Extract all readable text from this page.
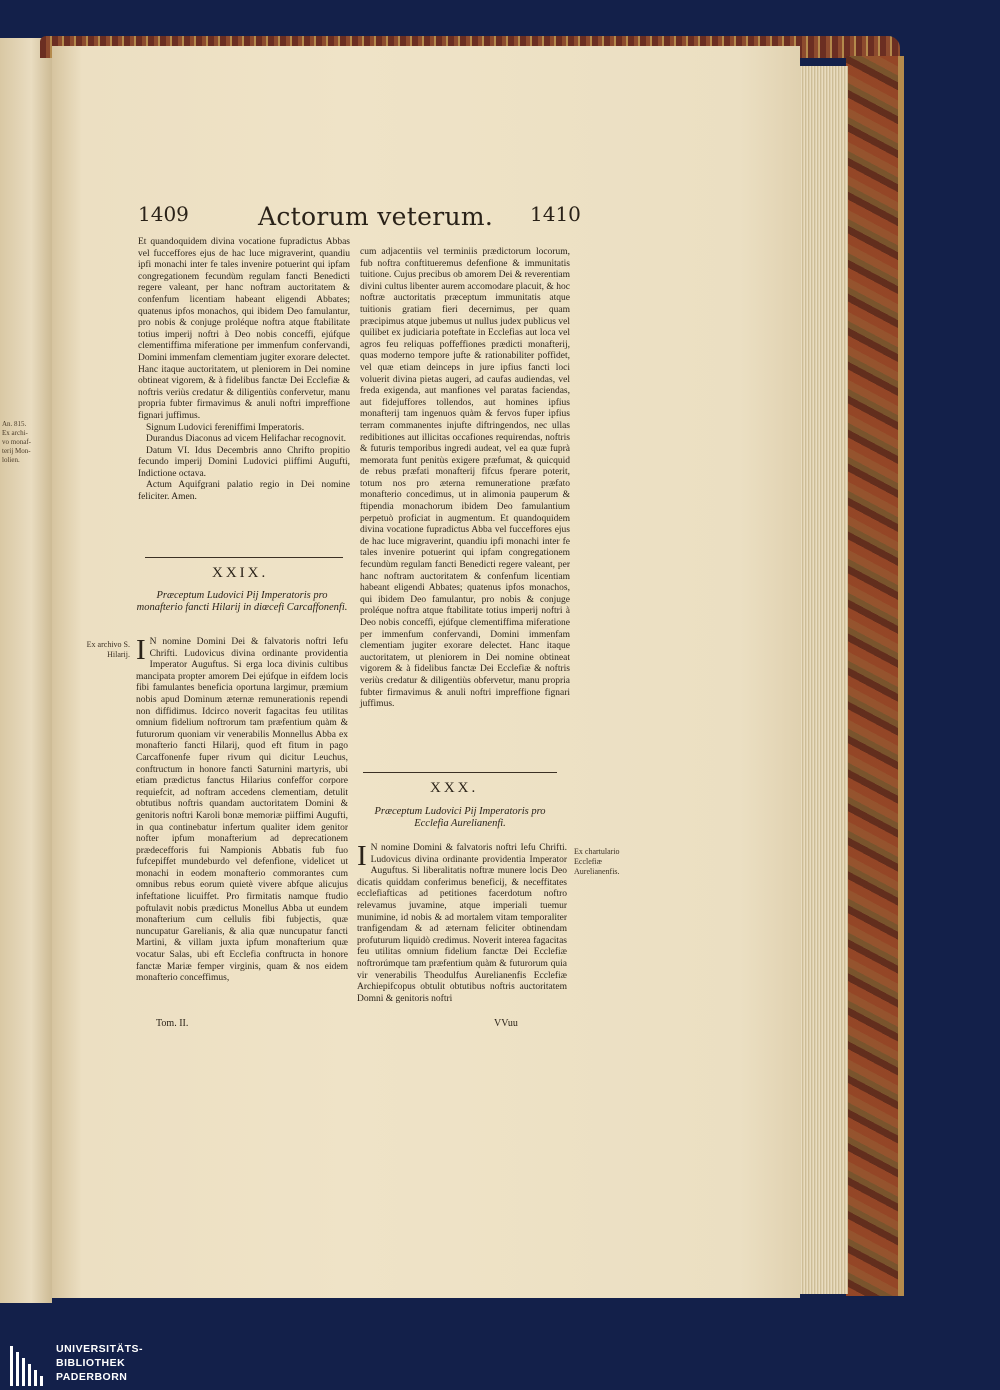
An. 815.
Ex archi-
vo monaf-
terij Mon-
lolien.
1409	Actorum veterum. 1410

Et quandoquidem divina vocatione fupradictus Abbas vel fucceffores ejus de hac luce migraverint, quandiu ipfi monachi inter fe tales invenire potuerint qui ipfam congregationem fecundùm regulam fancti Benedicti regere valeant, per hanc noftram auctoritatem & confenfum licentiam habeant eligendi Abbates; quatenus ipfos monachos, qui ibidem Deo famulantur, pro nobis & conjuge proléque noftra atque ftabilitate totius imperij noftri à Deo nobis conceffi, ejúfque clementiffima miferatione per immenfum confervandi, Domini immenfam clementiam jugiter exorare delectet. Hanc itaque auctoritatem, ut pleniorem in Dei nomine obtineat vigorem, & à fidelibus fanctæ Dei Ecclefiæ & noftris veriùs credatur & diligentiùs confervetur, manu propria fubter firmavimus & anuli noftri impreffione fignari juffimus.

Signum Ludovici fereniffimi Imperatoris.

Durandus Diaconus ad vicem Helifachar recognovit.

Datum VI. Idus Decembris anno Chrifto propitio fecundo imperij Domini Ludovici piiffimi Augufti, Indictione octava.

Actum Aquifgrani palatio regio in Dei nomine feliciter. Amen.

XXIX.
Præceptum Ludovici Pij Imperatoris pro monafterio fancti Hilarij in diœcefi Carcaffonenfi.
Ex archivo S. Hilarij. I N nomine Domini Dei & falvatoris noftri Iefu Chrifti. Ludovicus divina ordinante providentia Imperator Auguftus. Si erga loca divinis cultibus mancipata propter amorem Dei ejúfque in eifdem locis fibi famulantes beneficia oportuna largimur, præmium nobis apud Dominum æternæ remunerationis rependi non diffidimus. Idcirco noverit fagacitas feu utilitas omnium fidelium noftrorum tam præfentium quàm & futurorum quoniam vir venerabilis Monnellus Abba ex monafterio fancti Hilarij, quod eft fitum in pago Carcaffonenfe fuper rivum qui dicitur Leuchus, conftructum in honore fancti Saturnini martyris, ubi etiam prædictus fanctus Hilarius confeffor corpore requiefcit, ad noftram accedens clementiam, detulit obtutibus noftris quandam auctoritatem Domini & genitoris noftri Karoli bonæ memoriæ piiffimi Augufti, in qua continebatur infertum qualiter idem genitor nofter ipfum monafterium ad deprecationem prædecefforis fui Nampionis Abbatis fub fuo fufcepiffet mundeburdo vel defenfione, videlicet ut monachi in eodem monafterio commorantes cum omnibus rebus eorum quietè vivere abfque alicujus infeftatione licuiffet. Pro firmitatis namque ftudio poftulavit nobis prædictus Monellus Abba ut eundem monafterium cum cellulis fibi fubjectis, quæ nuncupatur Garelianis, & alia quæ nuncupatur fancti Martini, & villam juxta ipfum monafterium quæ vocatur Salas, ubi eft Ecclefia conftructa in honore fanctæ Mariæ femper virginis, quam & nos eidem monafterio conceffimus,

cum adjacentiis vel terminiis prædictorum locorum, fub noftra conftitueremus defenfione & immunitatis tuitione. Cujus precibus ob amorem Dei & reverentiam divini cultus libenter aurem accomodare placuit, & hoc noftræ auctoritatis præceptum immunitatis atque tuitionis gratiam fieri decernimus, per quam præcipimus atque jubemus ut nullus judex publicus vel quilibet ex judiciaria poteftate in Ecclefias aut loca vel agros feu reliquas poffeffiones prædicti monafterij, quas moderno tempore jufte & rationabiliter poffidet, vel quæ etiam deinceps in jure ipfius fancti loci voluerit divina pietas augeri, ad caufas audiendas, vel freda exigenda, aut manfiones vel paratas faciendas, aut fidejuffores tollendos, aut homines ipfius monafterij tam ingenuos quàm & fervos fuper ipfius terram commanentes injufte diftringendos, nec ullas redibitiones aut illicitas occafiones requirendas, noftris & futuris temporibus ingredi audeat, vel ea quæ fuprà memorata funt penitùs exigere præfumat, & quicquid de rebus præfati monafterij fifcus fperare poterit, totum nos pro æterna remuneratione præfato monafterio concedimus, ut in alimonia pauperum & ftipendia monachorum ibidem Deo famulantium perpetuò proficiat in augmentum. Et quandoquidem divina vocatione fupradictus Abba vel fucceffores ejus de hac luce migraverint, quandiu ipfi monachi inter fe tales invenire potuerint qui ipfam congregationem fecundùm regulam fancti Benedicti regere valeant, per hanc noftram auctoritatem & confenfum licentiam habeant eligendi Abbates; quatenus ipfos monachos, qui ibidem Deo famulantur, pro nobis & conjuge proléque noftra atque ftabilitate totius imperij noftri à Deo nobis conceffi, ejúfque clementiffima miferatione per immenfum confervandi, Domini immenfam clementiam jugiter exorare delectet. Hanc itaque auctoritatem, ut pleniorem in Dei nomine obtineat vigorem & à fidelibus fanctæ Dei Ecclefiæ & noftris veriùs credatur & diligentiùs obfervetur, manu propria fubter firmavimus & anuli noftri impreffione fignari juffimus.

XXX.
Præceptum Ludovici Pij Imperatoris pro Ecclefia Aurelianenfi.
Ex chartulario Ecclefiæ Aurelianenfis.
I N nomine Domini & falvatoris noftri Iefu Chrifti. Ludovicus divina ordinante providentia Imperator Auguftus. Si liberalitatis noftræ munere locis Deo dicatis quiddam conferimus beneficij, & neceffitates ecclefiafticas ad petitiones facerdotum noftro relevamus juvamine, atque imperiali tuemur munimine, id nobis & ad mortalem vitam temporaliter tranfigendam & ad æternam feliciter obtinendam profuturum liquidò credimus. Noverit interea fagacitas feu utilitas omnium fidelium fanctæ Dei Ecclefiæ noftrorúmque tam præfentium quàm & futurorum quia vir venerabilis Theodulfus Aurelianenfis Ecclefiæ Archiepifcopus obtulit obtutibus noftris auctoritatem Domni & genitoris noftri
Tom. II.	VVuu
UNIVERSITÄTS-
BIBLIOTHEK
PADERBORN
